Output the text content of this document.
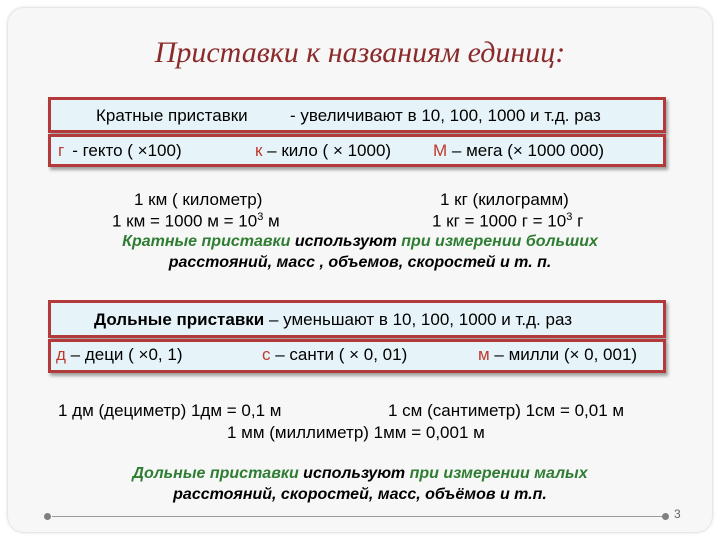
Приставки к названиям единиц:
Кратные приставки - увеличивают в 10, 100, 1000 и т.д. раз
г - гекто ( ×100)	к – кило ( × 1000) М – мега (× 1000 000)
1 км ( километр)
1 км = 1000 $м = 10^3$ м
1 кг (килограмм)
1 кг = 1000 $г = 10^3$ г
Кратные приставки используют при измерении больших
расстояний, масс , объемов, скоростей и т. п.
Дольные приставки – уменьшают в 10, 100, 1000 и т.д. раз
д – деци ( ×0, 1)	с – санти ( × 0, 01)	м – милли (× 0, 001)
1 дм (дециметр) 1дм = 0,1 м	1 см (сантиметр) 1см = 0,01 м
1 мм (миллиметр) 1мм = 0,001 м
Дольные приставки используют при измерении малых
расстояний, скоростей, масс, объёмов и т.п.
3
